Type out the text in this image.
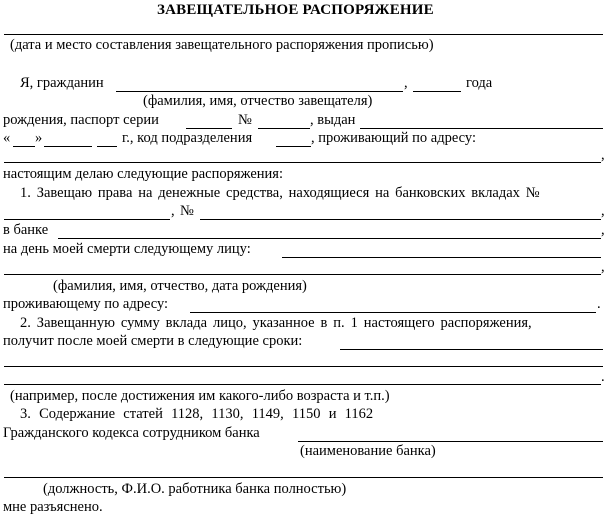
ЗАВЕЩАТЕЛЬНОЕ РАСПОРЯЖЕНИЕ
(дата и место составления завещательного распоряжения прописью)
Я, гражданин	,	года
(фамилия, имя, отчество завещателя)
рождения, паспорт серии	№	, выдан
« »	г., код подразделения	, проживающий по адресу:
,
настоящим делаю следующие распоряжения:
1. Завещаю права на денежные средства, находящиеся на банковских вкладах №
, №	,
в банке	,
на день моей смерти следующему лицу:
,
(фамилия, имя, отчество, дата рождения)
проживающему по адресу:	.
2. Завещанную сумму вклада лицо, указанное в п. 1 настоящего распоряжения,
получит после моей смерти в следующие сроки:
.
(например, после достижения им какого-либо возраста и т.п.)
3. Содержание статей 1128, 1130, 1149, 1150 и 1162
Гражданского кодекса сотрудником банка
(наименование банка)
(должность, Ф.И.О. работника банка полностью)
мне разъяснено.
